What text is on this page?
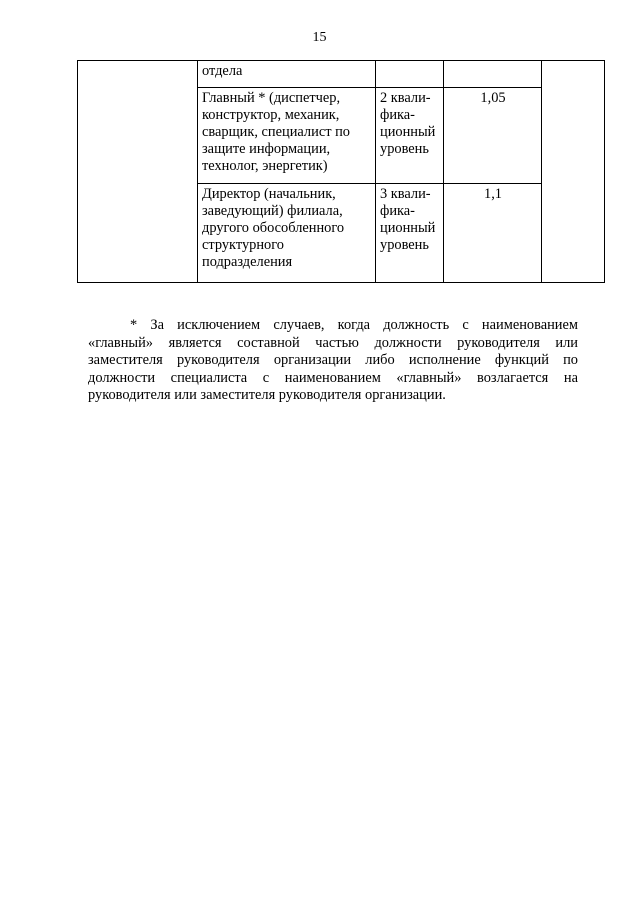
15
	отдела			
	Главный * (диспетчер,
конструктор, механик,
сварщик, специалист по
защите информации,
технолог, энергетик)	2 квали-
фика-
ционный
уровень	1,05	
	Директор (начальник,
заведующий) филиала,
другого обособленного
структурного
подразделения	3 квали-
фика-
ционный
уровень	1,1	

* За исключением случаев, когда должность с наименованием «главный» является составной частью должности руководителя или заместителя руководителя организации либо исполнение функций по должности специалиста с наименованием «главный» возлагается на руководителя или заместителя руководителя организации.
